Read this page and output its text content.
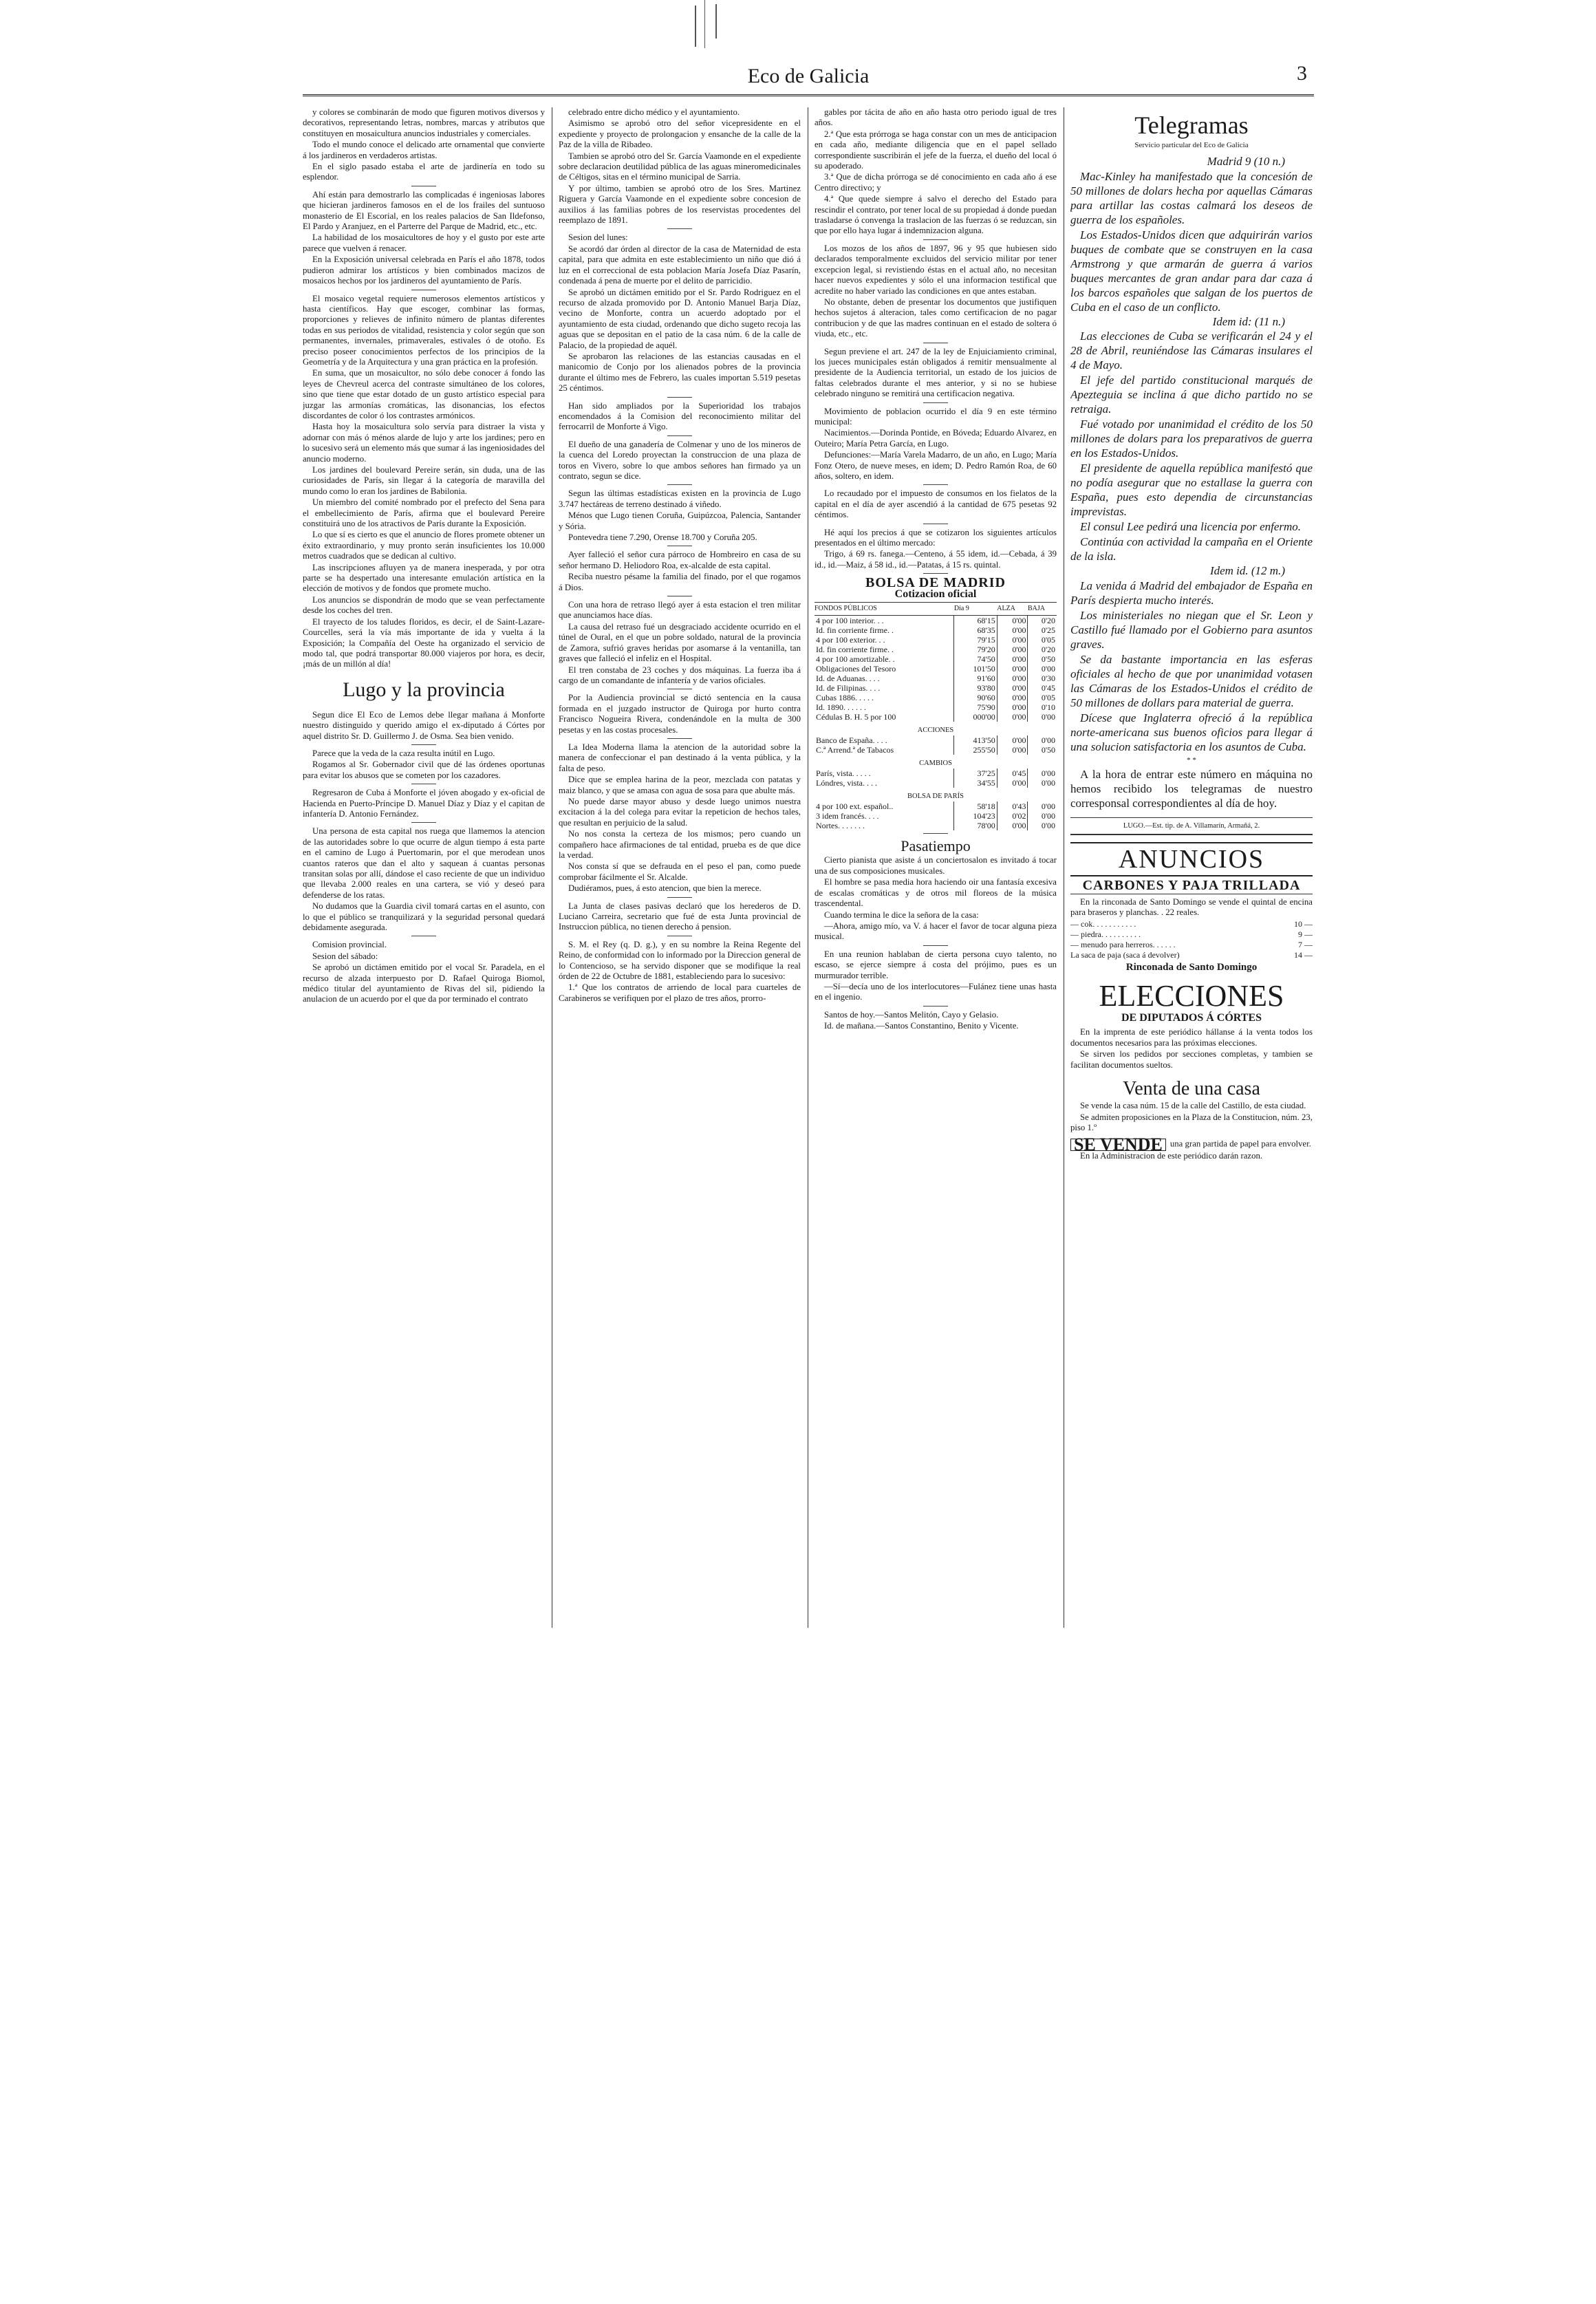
Eco de Galicia	3

y colores se combinarán de modo que figuren motivos diversos y decorativos, representando letras, nombres, marcas y atributos que constituyen en mosaicultura anuncios industriales y comerciales.

Todo el mundo conoce el delicado arte ornamental que convierte á los jardineros en verdaderos artistas.

En el siglo pasado estaba el arte de jardinería en todo su esplendor.

Ahí están para demostrarlo las complicadas é ingeniosas labores que hicieran jardineros famosos en el de los frailes del suntuoso monasterio de El Escorial, en los reales palacios de San Ildefonso, El Pardo y Aranjuez, en el Parterre del Parque de Madrid, etc., etc.

La habilidad de los mosaicultores de hoy y el gusto por este arte parece que vuelven á renacer.

En la Exposición universal celebrada en París el año 1878, todos pudieron admirar los artísticos y bien combinados macizos de mosaicos hechos por los jardineros del ayuntamiento de París.

El mosaico vegetal requiere numerosos elementos artísticos y hasta científicos. Hay que escoger, combinar las formas, proporciones y relieves de infinito número de plantas diferentes todas en sus periodos de vitalidad, resistencia y color según que son permanentes, invernales, primaverales, estivales ó de otoño. Es preciso poseer conocimientos perfectos de los principios de la Geometría y de la Arquitectura y una gran práctica en la profesión.

En suma, que un mosaicultor, no sólo debe conocer á fondo las leyes de Chevreul acerca del contraste simultáneo de los colores, sino que tiene que estar dotado de un gusto artístico especial para juzgar las armonías cromáticas, las disonancias, los efectos discordantes de color ó los contrastes armónicos.

Hasta hoy la mosaicultura solo servía para distraer la vista y adornar con más ó ménos alarde de lujo y arte los jardines; pero en lo sucesivo será un elemento más que sumar á las ingeniosidades del anuncio moderno.

Los jardines del boulevard Pereire serán, sin duda, una de las curiosidades de París, sin llegar á la categoría de maravilla del mundo como lo eran los jardines de Babilonia.

Un miembro del comité nombrado por el prefecto del Sena para el embellecimiento de París, afirma que el boulevard Pereire constituirá uno de los atractivos de París durante la Exposición.

Lo que sí es cierto es que el anuncio de flores promete obtener un éxito extraordinario, y muy pronto serán insuficientes los 10.000 metros cuadrados que se dedican al cultivo.

Las inscripciones afluyen ya de manera inesperada, y por otra parte se ha despertado una interesante emulación artística en la elección de motivos y de fondos que promete mucho.

Los anuncios se dispondrán de modo que se vean perfectamente desde los coches del tren.

El trayecto de los taludes floridos, es decir, el de Saint-Lazare-Courcelles, será la vía más importante de ida y vuelta á la Exposición; la Compañía del Oeste ha organizado el servicio de modo tal, que podrá transportar 80.000 viajeros por hora, es decir, ¡más de un millón al día!

Lugo y la provincia

Segun dice El Eco de Lemos debe llegar mañana á Monforte nuestro distinguido y querido amigo el ex-diputado á Córtes por aquel distrito Sr. D. Guillermo J. de Osma. Sea bien venido.

Parece que la veda de la caza resulta inútil en Lugo.

Rogamos al Sr. Gobernador civil que dé las órdenes oportunas para evitar los abusos que se cometen por los cazadores.

Regresaron de Cuba á Monforte el jóven abogado y ex-oficial de Hacienda en Puerto-Príncipe D. Manuel Díaz y Díaz y el capitan de infantería D. Antonio Fernández.

Una persona de esta capital nos ruega que llamemos la atencion de las autoridades sobre lo que ocurre de algun tiempo á esta parte en el camino de Lugo á Puertomarin, por el que merodean unos cuantos rateros que dan el alto y saquean á cuantas personas transitan solas por allí, dándose el caso reciente de que un individuo que llevaba 2.000 reales en una cartera, se vió y deseó para defenderse de los ratas.

No dudamos que la Guardia civil tomará cartas en el asunto, con lo que el público se tranquilizará y la seguridad personal quedará debidamente asegurada.

Comision provincial.

Sesion del sábado:

Se aprobó un dictámen emitido por el vocal Sr. Paradela, en el recurso de alzada interpuesto por D. Rafael Quiroga Biomol, médico titular del ayuntamiento de Rivas del sil, pidiendo la anulacion de un acuerdo por el que da por terminado el contrato

celebrado entre dicho médico y el ayuntamiento.

Asimismo se aprobó otro del señor vicepresidente en el expediente y proyecto de prolongacion y ensanche de la calle de la Paz de la villa de Ribadeo.

Tambien se aprobó otro del Sr. García Vaamonde en el expediente sobre declaracion deutilidad pública de las aguas mineromedicinales de Céltigos, sitas en el término municipal de Sarria.

Y por último, tambien se aprobó otro de los Sres. Martinez Riguera y García Vaamonde en el expediente sobre concesion de auxilios á las familias pobres de los reservistas procedentes del reemplazo de 1891.

Sesion del lunes:

Se acordó dar órden al director de la casa de Maternidad de esta capital, para que admita en este establecimiento un niño que dió á luz en el correccional de esta poblacion María Josefa Díaz Pasarín, condenada á pena de muerte por el delito de parricidio.

Se aprobó un dictámen emitido por el Sr. Pardo Rodriguez en el recurso de alzada promovido por D. Antonio Manuel Barja Díaz, vecino de Monforte, contra un acuerdo adoptado por el ayuntamiento de esta ciudad, ordenando que dicho sugeto recoja las aguas que se depositan en el patio de la casa núm. 6 de la calle de Palacio, de la propiedad de aquél.

Se aprobaron las relaciones de las estancias causadas en el manicomio de Conjo por los alienados pobres de la provincia durante el último mes de Febrero, las cuales importan 5.519 pesetas 25 céntimos.

Han sido ampliados por la Superioridad los trabajos encomendados á la Comision del reconocimiento militar del ferrocarril de Monforte á Vigo.

El dueño de una ganadería de Colmenar y uno de los mineros de la cuenca del Loredo proyectan la construccion de una plaza de toros en Vivero, sobre lo que ambos señores han firmado ya un contrato, segun se dice.

Segun las últimas estadísticas existen en la provincia de Lugo 3.747 hectáreas de terreno destinado á viñedo.

Ménos que Lugo tienen Coruña, Guipúzcoa, Palencia, Santander y Sória.

Pontevedra tiene 7.290, Orense 18.700 y Coruña 205.

Ayer falleció el señor cura párroco de Hombreiro en casa de su señor hermano D. Heliodoro Roa, ex-alcalde de esta capital.

Reciba nuestro pésame la familia del finado, por el que rogamos á Dios.

Con una hora de retraso llegó ayer á esta estacion el tren militar que anunciamos hace días.

La causa del retraso fué un desgraciado accidente ocurrido en el túnel de Oural, en el que un pobre soldado, natural de la provincia de Zamora, sufrió graves heridas por asomarse á la ventanilla, tan graves que falleció el infeliz en el Hospital.

El tren constaba de 23 coches y dos máquinas. La fuerza iba á cargo de un comandante de infantería y de varios oficiales.

Por la Audiencia provincial se dictó sentencia en la causa formada en el juzgado instructor de Quiroga por hurto contra Francisco Nogueira Rivera, condenándole en la multa de 300 pesetas y en las costas procesales.

La Idea Moderna llama la atencion de la autoridad sobre la manera de confeccionar el pan destinado á la venta pública, y la falta de peso.

Dice que se emplea harina de la peor, mezclada con patatas y maiz blanco, y que se amasa con agua de sosa para que abulte más.

No puede darse mayor abuso y desde luego unimos nuestra excitacion á la del colega para evitar la repeticion de hechos tales, que resultan en perjuicio de la salud.

No nos consta la certeza de los mismos; pero cuando un compañero hace afirmaciones de tal entidad, prueba es de que dice la verdad.

Nos consta sí que se defrauda en el peso el pan, como puede comprobar fácilmente el Sr. Alcalde.

Dudiéramos, pues, á esto atencion, que bien la merece.

La Junta de clases pasivas declaró que los herederos de D. Luciano Carreira, secretario que fué de esta Junta provincial de Instruccion pública, no tienen derecho á pension.

S. M. el Rey (q. D. g.), y en su nombre la Reina Regente del Reino, de conformidad con lo informado por la Direccion general de lo Contencioso, se ha servido disponer que se modifique la real órden de 22 de Octubre de 1881, estableciendo para lo sucesivo:

1.ª Que los contratos de arriendo de local para cuarteles de Carabineros se verifiquen por el plazo de tres años, prorro-

gables por tácita de año en año hasta otro periodo igual de tres años.

2.ª Que esta prórroga se haga constar con un mes de anticipacion en cada año, mediante diligencia que en el papel sellado correspondiente suscribirán el jefe de la fuerza, el dueño del local ó su apoderado.

3.ª Que de dicha prórroga se dé conocimiento en cada año á ese Centro directivo; y

4.ª Que quede siempre á salvo el derecho del Estado para rescindir el contrato, por tener local de su propiedad á donde puedan trasladarse ó convenga la traslacion de las fuerzas ó se reduzcan, sin que por ello haya lugar á indemnizacion alguna.

Los mozos de los años de 1897, 96 y 95 que hubiesen sido declarados temporalmente excluidos del servicio militar por tener excepcion legal, si revistiendo éstas en el actual año, no necesitan hacer nuevos expedientes y sólo el una informacion testifical que acredite no haber variado las condiciones en que antes estaban.

No obstante, deben de presentar los documentos que justifiquen hechos sujetos á alteracion, tales como certificacion de no pagar contribucion y de que las madres continuan en el estado de soltera ó viuda, etc., etc.

Segun previene el art. 247 de la ley de Enjuiciamiento criminal, los jueces municipales están obligados á remitir mensualmente al presidente de la Audiencia territorial, un estado de los juicios de faltas celebrados durante el mes anterior, y si no se hubiese celebrado ninguno se remitirá una certificacion negativa.

Movimiento de poblacion ocurrido el día 9 en este término municipal:

Nacimientos.—Dorinda Pontide, en Bóveda; Eduardo Alvarez, en Outeiro; María Petra García, en Lugo.

Defunciones:—María Varela Madarro, de un año, en Lugo; María Fonz Otero, de nueve meses, en idem; D. Pedro Ramón Roa, de 60 años, soltero, en idem.

Lo recaudado por el impuesto de consumos en los fielatos de la capital en el día de ayer ascendió á la cantidad de 675 pesetas 92 céntimos.

Hé aquí los precios á que se cotizaron los siguientes artículos presentados en el último mercado:

Trigo, á 69 rs. fanega.—Centeno, á 55 idem, id.—Cebada, á 39 id., id.—Maiz, á 58 id., id.—Patatas, á 15 rs. quintal.

BOLSA DE MADRID
Cotizacion oficial
FONDOS PÚBLICOS	Día 9	ALZA	BAJA
4 por 100 interior. . .	68'15	0'00	0'20
Id. fin corriente firme. .	68'35	0'00	0'25
4 por 100 exterior. . .	79'15	0'00	0'05
Id. fin corriente firme. .	79'20	0'00	0'20
4 por 100 amortizable. .	74'50	0'00	0'50
Obligaciones del Tesoro	101'50	0'00	0'00
Id. de Aduanas. . . .	91'60	0'00	0'30
Id. de Filipinas. . . .	93'80	0'00	0'45
Cubas 1886. . . . .	90'60	0'00	0'05
Id. 1890. . . . . .	75'90	0'00	0'10
Cédulas B. H. 5 por 100	000'00	0'00	0'00
ACCIONES			
Banco de España. . . .	413'50	0'00	0'00
C.ª Arrend.ª de Tabacos	255'50	0'00	0'50
CAMBIOS			
París, vista. . . . .	37'25	0'45	0'00
Lóndres, vista. . . .	34'55	0'00	0'00
BOLSA DE PARÍS			
4 por 100 ext. español..	58'18	0'43	0'00
3 idem francés. . . .	104'23	0'02	0'00
Nortes. . . . . . .	78'00	0'00	0'00
Pasatiempo

Cierto pianista que asiste á un conciertosalon es invitado á tocar una de sus composiciones musicales.

El hombre se pasa media hora haciendo oir una fantasía excesiva de escalas cromáticas y de otros mil floreos de la música trascendental.

Cuando termina le dice la señora de la casa:

—Ahora, amigo mío, va V. á hacer el favor de tocar alguna pieza musical.

En una reunion hablaban de cierta persona cuyo talento, no escaso, se ejerce siempre á costa del prójimo, pues es un murmurador terrible.

—Sí—decía uno de los interlocutores—Fulánez tiene unas hasta en el ingenio.

Santos de hoy.—Santos Melitón, Cayo y Gelasio.

Id. de mañana.—Santos Constantino, Benito y Vicente.

Telegramas
Servicio particular del Eco de Galicia
Madrid 9 (10 n.)

Mac-Kinley ha manifestado que la concesión de 50 millones de dolars hecha por aquellas Cámaras para artillar las costas calmará los deseos de guerra de los españoles.

Los Estados-Unidos dicen que adquirirán varios buques de combate que se construyen en la casa Armstrong y que armarán de guerra á varios buques mercantes de gran andar para dar caza á los barcos españoles que salgan de los puertos de Cuba en el caso de un conflicto.

Idem id: (11 n.)

Las elecciones de Cuba se verificarán el 24 y el 28 de Abril, reuniéndose las Cámaras insulares el 4 de Mayo.

El jefe del partido constitucional marqués de Apezteguia se inclina á que dicho partido no se retraiga.

Fué votado por unanimidad el crédito de los 50 millones de dolars para los preparativos de guerra en los Estados-Unidos.

El presidente de aquella república manifestó que no podía asegurar que no estallase la guerra con España, pues esto dependia de circunstancias imprevistas.

El consul Lee pedirá una licencia por enfermo.

Continúa con actividad la campaña en el Oriente de la isla.

Idem id. (12 m.)

La venida á Madrid del embajador de España en París despierta mucho interés.

Los ministeriales no niegan que el Sr. Leon y Castillo fué llamado por el Gobierno para asuntos graves.

Se da bastante importancia en las esferas oficiales al hecho de que por unanimidad votasen las Cámaras de los Estados-Unidos el crédito de 50 millones de dollars para material de guerra.

Dícese que Inglaterra ofreció á la república norte-americana sus buenos oficios para llegar á una solucion satisfactoria en los asuntos de Cuba.

* *

A la hora de entrar este número en máquina no hemos recibido los telegramas de nuestro corresponsal correspondientes al día de hoy.

LUGO.—Est. tip. de A. Villamarín, Armañá, 2.
ANUNCIOS
CARBONES Y PAJA TRILLADA

En la rinconada de Santo Domingo se vende el quintal de encina para braseros y planchas. . 22 reales.

— cok. . . . . . . . . . .	10 —
— piedra. . . . . . . . . .	9 —
— menudo para herreros. . . . . .	7 —
La saca de paja (saca á devolver)	14 —
Rinconada de Santo Domingo
ELECCIONES
DE DIPUTADOS Á CÓRTES

En la imprenta de este periódico hállanse á la venta todos los documentos necesarios para las próximas elecciones.

Se sirven los pedidos por secciones completas, y tambien se facilitan documentos sueltos.

Venta de una casa

Se vende la casa núm. 15 de la calle del Castillo, de esta ciudad.

Se admiten proposiciones en la Plaza de la Constitucion, núm. 23, piso 1.º

SE VENDE una gran partida de papel para envolver.

En la Administracion de este periódico darán razon.
